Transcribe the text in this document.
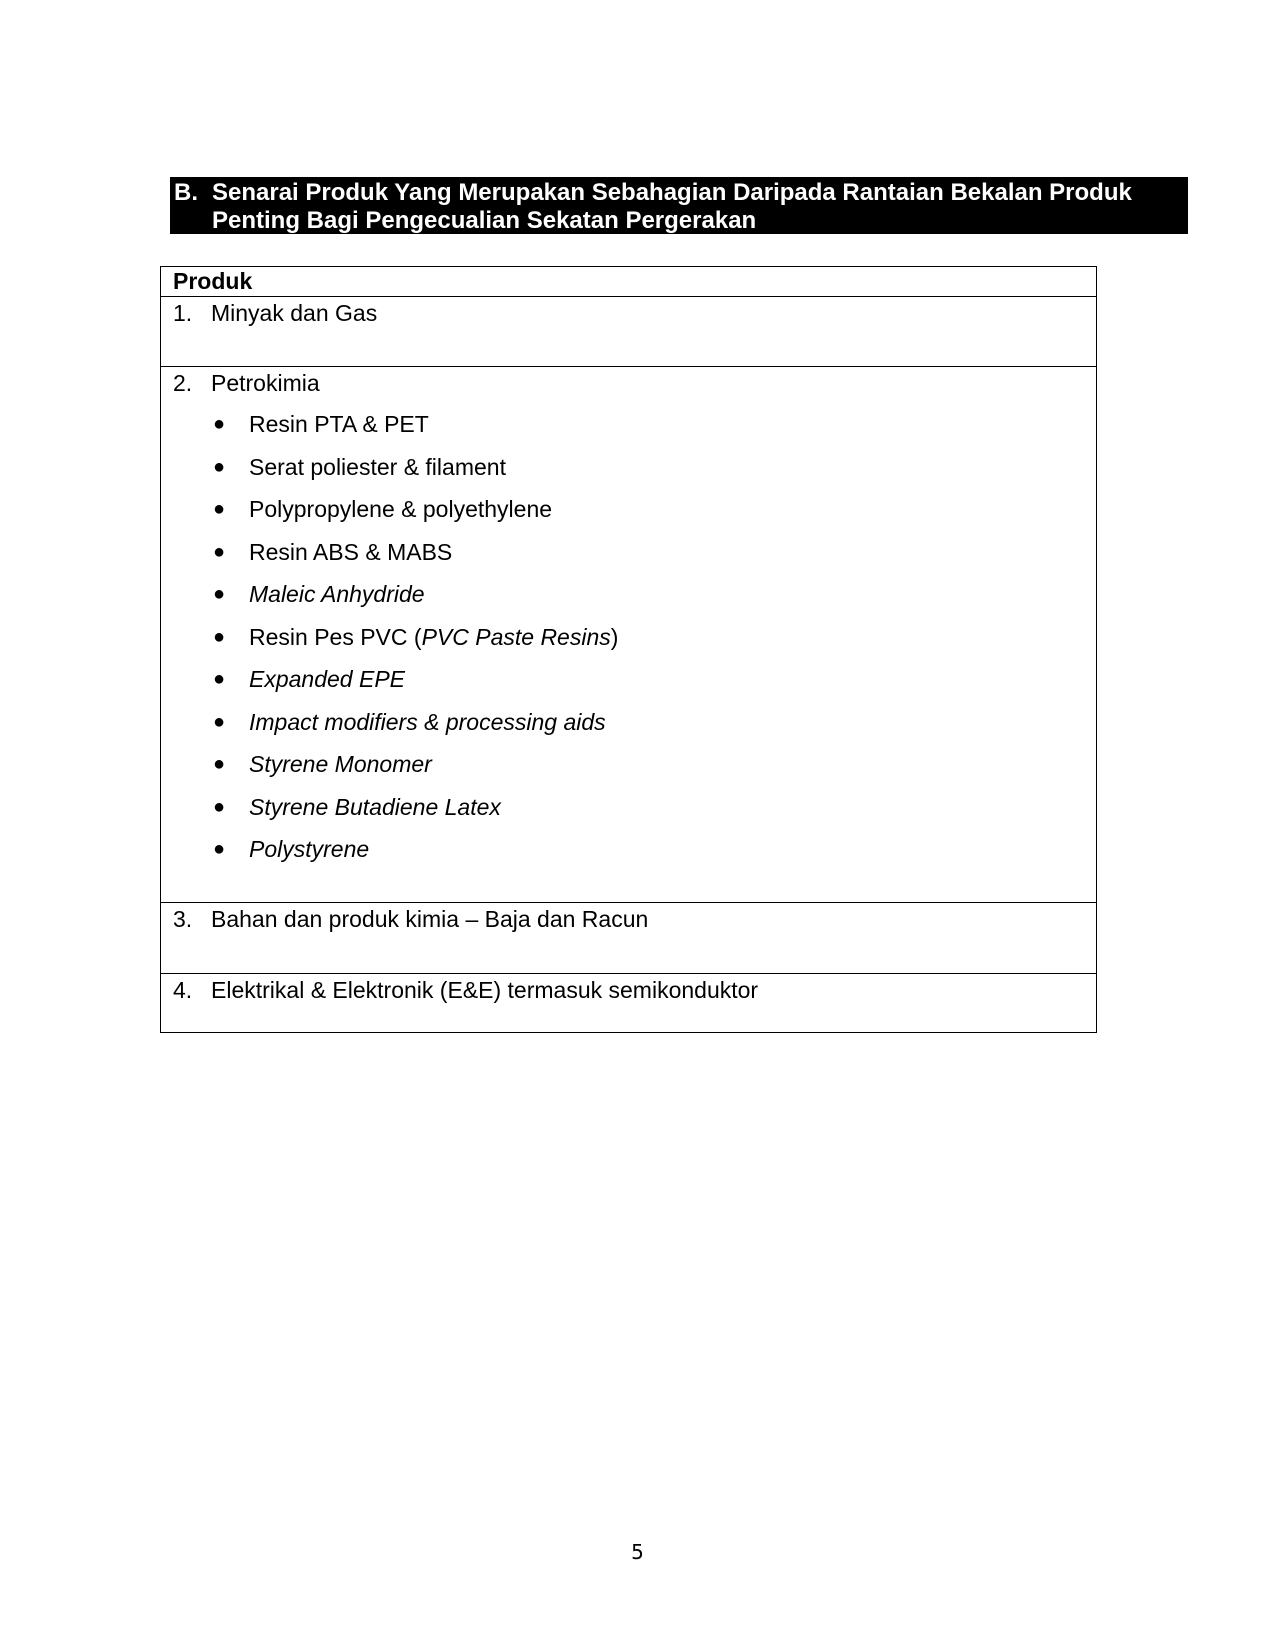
B. Senarai Produk Yang Merupakan Sebahagian Daripada Rantaian Bekalan Produk
Penting Bagi Pengecualian Sekatan Pergerakan
Produk
1. Minyak dan Gas
2. Petrokimia
●	Resin PTA & PET
●	Serat poliester & filament
●	Polypropylene & polyethylene
●	Resin ABS & MABS
●	Maleic Anhydride
●	Resin Pes PVC (PVC Paste Resins)
●	Expanded EPE
●	Impact modifiers & processing aids
●	Styrene Monomer
●	Styrene Butadiene Latex
●	Polystyrene
3. Bahan dan produk kimia – Baja dan Racun
4. Elektrikal & Elektronik (E&E) termasuk semikonduktor
5
